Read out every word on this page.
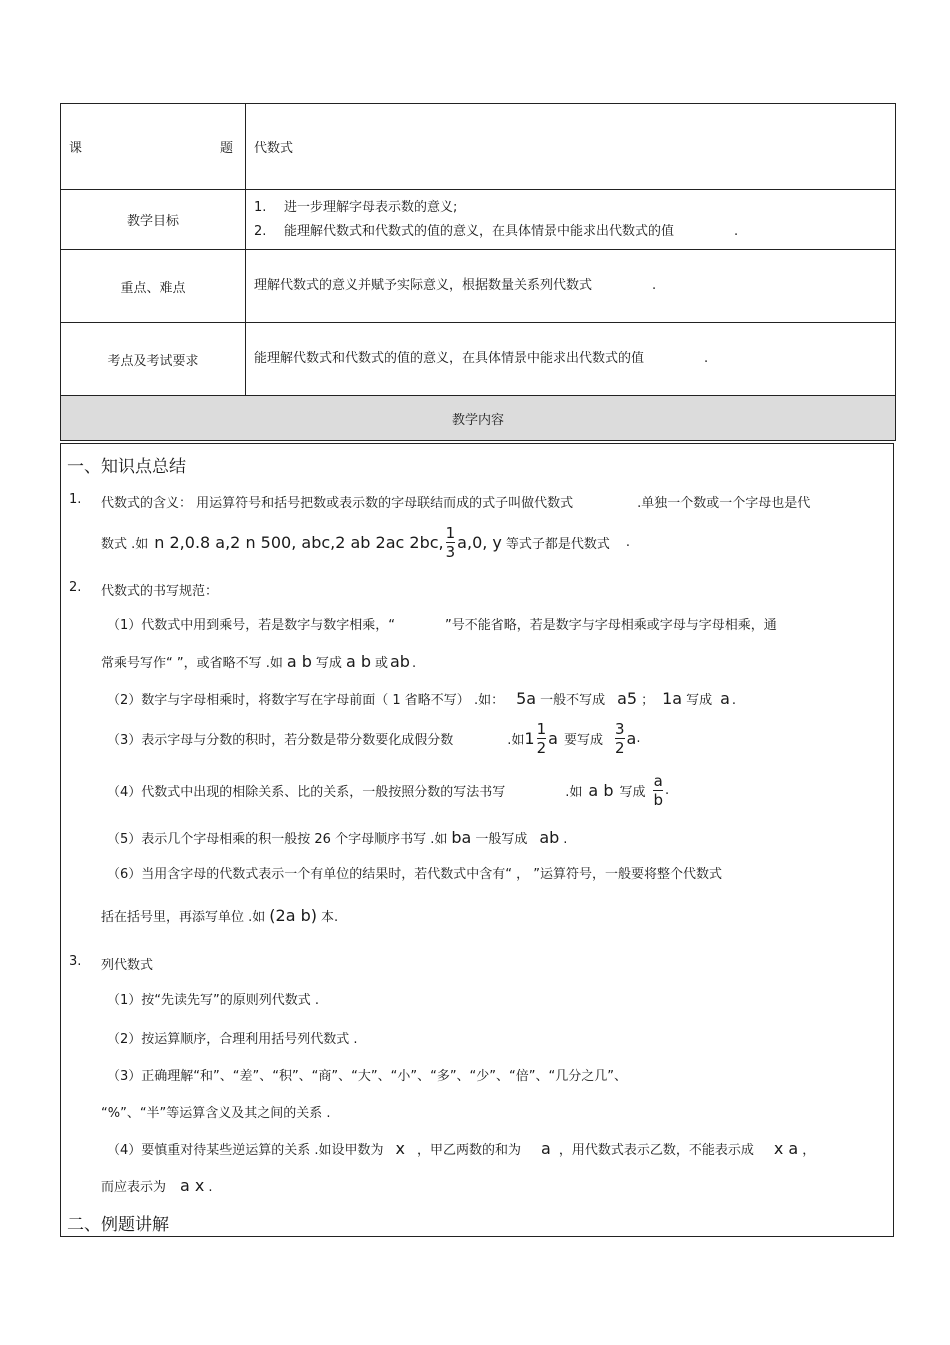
课	题 代数式
教学目标
1. 进一步理解字母表示数的意义;
2. 能理解代数式和代数式的值的意义，在具体情景中能求出代数式的值	.
重点、难点	理解代数式的意义并赋予实际意义，根据数量关系列代数式	.
考点及考试要求	能理解代数式和代数式的值的意义，在具体情景中能求出代数式的值	.
教学内容
一、知识点总结
1. 代数式的含义： 用运算符号和括号把数或表示数的字母联结而成的式子叫做代数式	.单独一个数或一个字母也是代
数式 .如 n 2,0.8 a,2 n 500, abc,2 ab 2ac 2bc, $\frac{1}{3} a,0$, y 等式子都是代数式 .
2. 代数式的书写规范：
（1）代数式中用到乘号，若是数字与数字相乘，“	”号不能省略，若是数字与字母相乘或字母与字母相乘，通
常乘号写作“ ”，或省略不写 .如 a b 写成 a b 或 ab .
（2）数字与字母相乘时，将数字写在字母前面（ 1 省略不写） .如： 5a 一般不写成 a5 ； 1a 写成 a .
（3）表示字母与分数的积时，若分数是带分数要化成假分数	.如 $1 \frac{1}{2}$ a 要写成 $\frac{3}{2}$ a .
（4）代数式中出现的相除关系、比的关系，一般按照分数的写法书写	.如 a b 写成 $\frac{a}{b}$ .
（5）表示几个字母相乘的积一般按 26 个字母顺序书写 .如 ba 一般写成 ab .
（6）当用含字母的代数式表示一个有单位的结果时，若代数式中含有“ ， ”运算符号，一般要将整个代数式
括在括号里，再添写单位 .如 (2a b) 本.
3. 列代数式
（1）按“先读先写”的原则列代数式 .
（2）按运算顺序，合理利用括号列代数式 .
（3）正确理解“和”、“差”、“积”、“商”、“大”、“小”、“多”、“少”、“倍”、“几分之几”、
“%”、“半”等运算含义及其之间的关系 .
（4）要慎重对待某些逆运算的关系 .如设甲数为 x ，甲乙两数的和为 a ，用代数式表示乙数，不能表示成 x a ，
而应表示为 a x .
二、例题讲解
